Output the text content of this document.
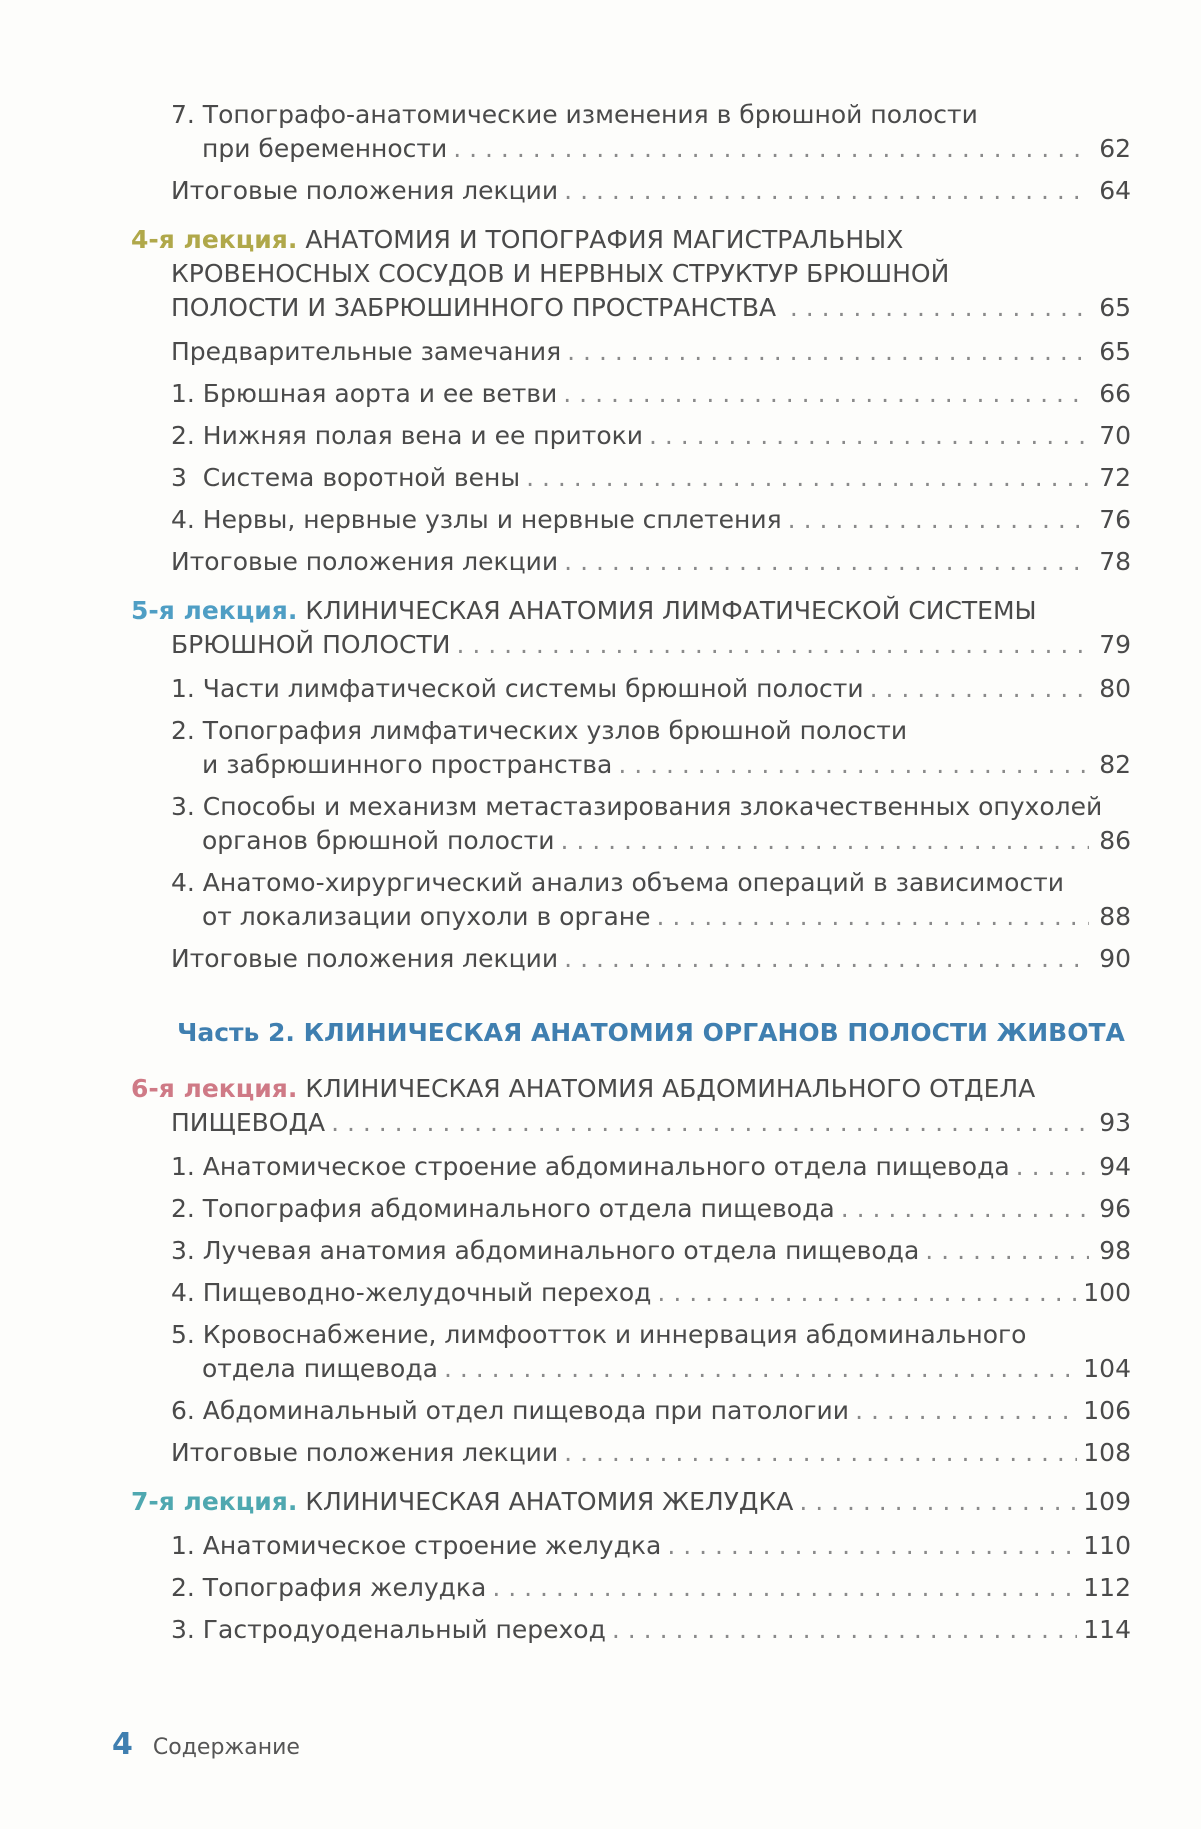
7. Топографо-анатомические изменения в брюшной полости
при беременности . . .	62
Итоговые положения лекции . . .	64
4-я лекция. АНАТОМИЯ И ТОПОГРАФИЯ МАГИСТРАЛЬНЫХ
КРОВЕНОСНЫХ СОСУДОВ И НЕРВНЫХ СТРУКТУР БРЮШНОЙ
ПОЛОСТИ И ЗАБРЮШИННОГО ПРОСТРАНСТВА . . .	65
Предварительные замечания . . .	65
1. Брюшная аорта и ее ветви . . .	66
2. Нижняя полая вена и ее притоки . . .	70
3  Система воротной вены . . .	72
4. Нервы, нервные узлы и нервные сплетения . . .	76
Итоговые положения лекции . . .	78
5-я лекция. КЛИНИЧЕСКАЯ АНАТОМИЯ ЛИМФАТИЧЕСКОЙ СИСТЕМЫ
БРЮШНОЙ ПОЛОСТИ . . .	79
1. Части лимфатической системы брюшной полости . . .	80
2. Топография лимфатических узлов брюшной полости
и забрюшинного пространства . . .	82
3. Способы и механизм метастазирования злокачественных опухолей
органов брюшной полости . . .	86
4. Анатомо-хирургический анализ объема операций в зависимости
от локализации опухоли в органе . . .	88
Итоговые положения лекции . . .	90
Часть 2. КЛИНИЧЕСКАЯ АНАТОМИЯ ОРГАНОВ ПОЛОСТИ ЖИВОТА
6-я лекция. КЛИНИЧЕСКАЯ АНАТОМИЯ АБДОМИНАЛЬНОГО ОТДЕЛА
ПИЩЕВОДА . . .	93
1. Анатомическое строение абдоминального отдела пищевода . . .	94
2. Топография абдоминального отдела пищевода . . .	96
3. Лучевая анатомия абдоминального отдела пищевода . . .	98
4. Пищеводно-желудочный переход . . .	100
5. Кровоснабжение, лимфоотток и иннервация абдоминального
отдела пищевода . . .	104
6. Абдоминальный отдел пищевода при патологии . . .	106
Итоговые положения лекции . . .	108
7-я лекция. КЛИНИЧЕСКАЯ АНАТОМИЯ ЖЕЛУДКА . . .	109
1. Анатомическое строение желудка . . .	110
2. Топография желудка . . .	112
3. Гастродуоденальный переход . . .	114
4 Содержание
